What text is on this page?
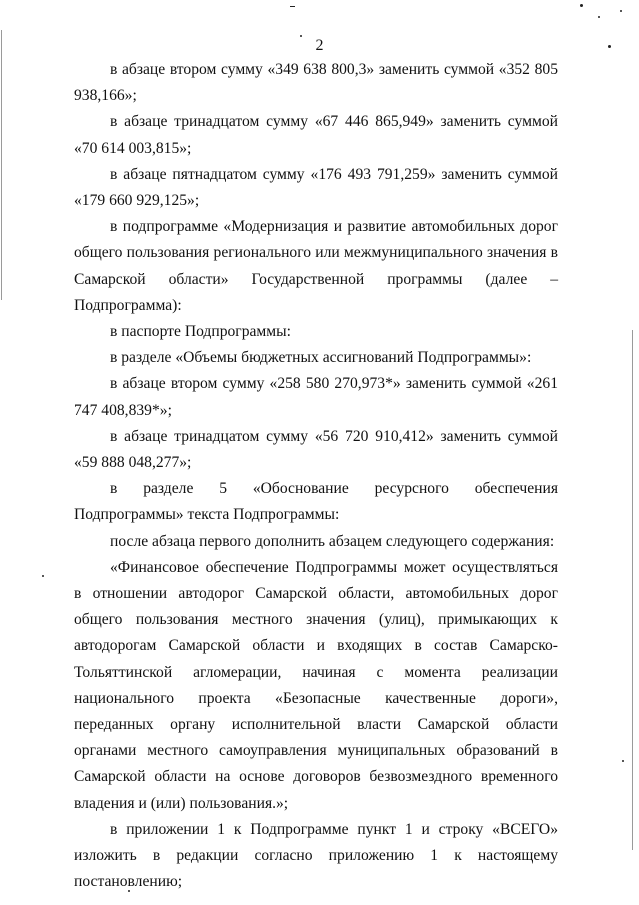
2

в абзаце втором сумму «349 638 800,3» заменить суммой «352 805 938,166»;

в абзаце тринадцатом сумму «67 446 865,949» заменить суммой «70 614 003,815»;

в абзаце пятнадцатом сумму «176 493 791,259» заменить суммой «179 660 929,125»;

в подпрограмме «Модернизация и развитие автомобильных дорог общего пользования регионального или межмуниципального значения в Самарской области» Государственной программы (далее – Подпрограмма):

в паспорте Подпрограммы:

в разделе «Объемы бюджетных ассигнований Подпрограммы»:

в абзаце втором сумму «258 580 270,973*» заменить суммой «261 747 408,839*»;

в абзаце тринадцатом сумму «56 720 910,412» заменить суммой «59 888 048,277»;

в разделе 5 «Обоснование ресурсного обеспечения Подпрограммы» текста Подпрограммы:

после абзаца первого дополнить абзацем следующего содержания:

«Финансовое обеспечение Подпрограммы может осуществляться в отношении автодорог Самарской области, автомобильных дорог общего пользования местного значения (улиц), примыкающих к автодорогам Самарской области и входящих в состав Самарско-Тольяттинской агломерации, начиная с момента реализации национального проекта «Безопасные качественные дороги», переданных органу исполнительной власти Самарской области органами местного самоуправления муниципальных образований в Самарской области на основе договоров безвозмездного временного владения и (или) пользования.»;

в приложении 1 к Подпрограмме пункт 1 и строку «ВСЕГО» изложить в редакции согласно приложению 1 к настоящему постановлению;
